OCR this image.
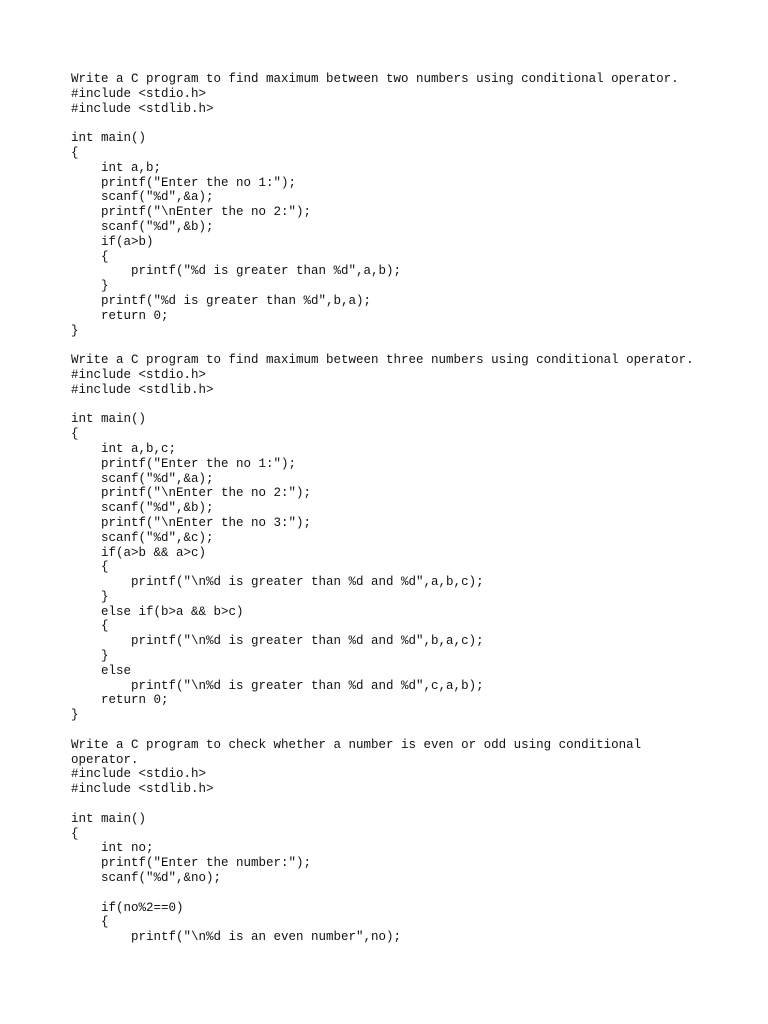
Write a C program to find maximum between two numbers using conditional operator.
#include <stdio.h>
#include <stdlib.h>
int main()
{
int a,b;
printf("Enter the no 1:");
scanf("%d",&a);
printf("\nEnter the no 2:");
scanf("%d",&b);
if(a>b)
{
printf("%d is greater than %d",a,b);
}
printf("%d is greater than %d",b,a);
return 0;
}
Write a C program to find maximum between three numbers using conditional operator.
#include <stdio.h>
#include <stdlib.h>
int main()
{
int a,b,c;
printf("Enter the no 1:");
scanf("%d",&a);
printf("\nEnter the no 2:");
scanf("%d",&b);
printf("\nEnter the no 3:");
scanf("%d",&c);
if(a>b && a>c)
{
printf("\n%d is greater than %d and %d",a,b,c);
}
else if(b>a && b>c)
{
printf("\n%d is greater than %d and %d",b,a,c);
}
else
printf("\n%d is greater than %d and %d",c,a,b);
return 0;
}
Write a C program to check whether a number is even or odd using conditional
operator.
#include <stdio.h>
#include <stdlib.h>
int main()
{
int no;
printf("Enter the number:");
scanf("%d",&no);
if(no%2==0)
{
printf("\n%d is an even number",no);
